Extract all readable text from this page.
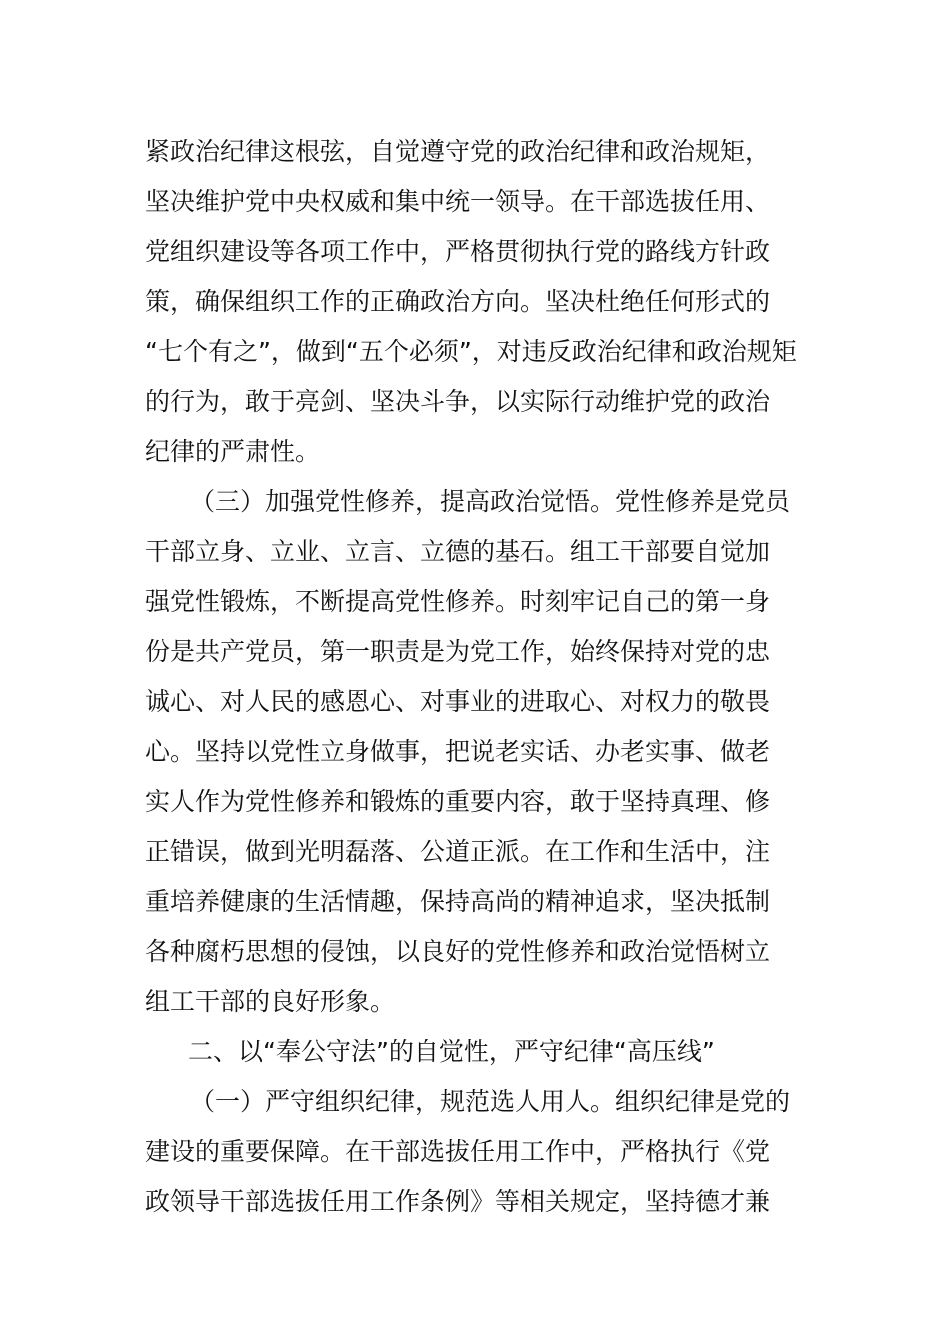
紧政治纪律这根弦，自觉遵守党的政治纪律和政治规矩，
坚决维护党中央权威和集中统一领导。在干部选拔任用、
党组织建设等各项工作中，严格贯彻执行党的路线方针政
策，确保组织工作的正确政治方向。坚决杜绝任何形式的
“七个有之”，做到“五个必须”，对违反政治纪律和政治规矩
的行为，敢于亮剑、坚决斗争，以实际行动维护党的政治
纪律的严肃性。
（三）加强党性修养，提高政治觉悟。党性修养是党员
干部立身、立业、立言、立德的基石。组工干部要自觉加
强党性锻炼，不断提高党性修养。时刻牢记自己的第一身
份是共产党员，第一职责是为党工作，始终保持对党的忠
诚心、对人民的感恩心、对事业的进取心、对权力的敬畏
心。坚持以党性立身做事，把说老实话、办老实事、做老
实人作为党性修养和锻炼的重要内容，敢于坚持真理、修
正错误，做到光明磊落、公道正派。在工作和生活中，注
重培养健康的生活情趣，保持高尚的精神追求，坚决抵制
各种腐朽思想的侵蚀，以良好的党性修养和政治觉悟树立
组工干部的良好形象。
二、以“奉公守法”的自觉性，严守纪律“高压线”
（一）严守组织纪律，规范选人用人。组织纪律是党的
建设的重要保障。在干部选拔任用工作中，严格执行《党
政领导干部选拔任用工作条例》等相关规定，坚持德才兼
